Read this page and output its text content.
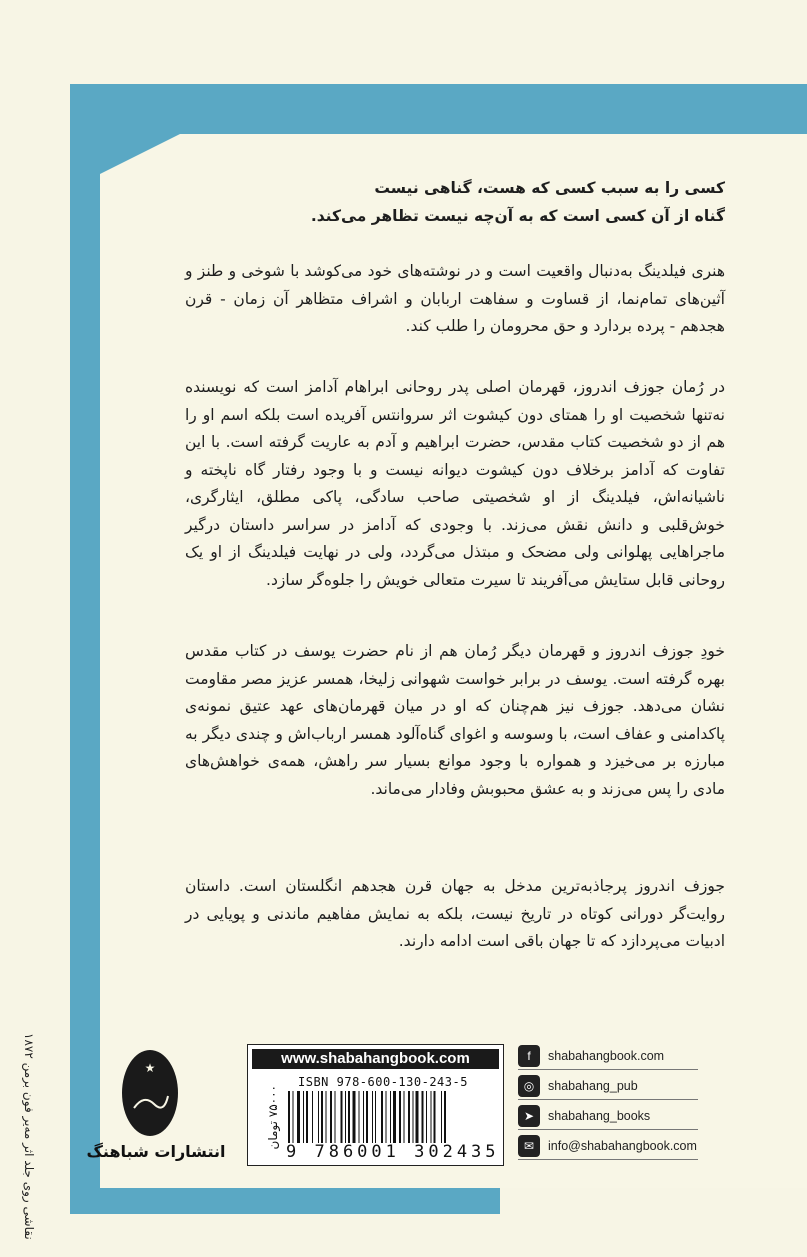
کسی را به سبب کسی که هست، گناهی نیست
گناه از آن کسی است که به آن‌چه نیست تظاهر می‌کند.
هنری فیلدینگ به‌دنبال واقعیت است و در نوشته‌های خود می‌کوشد با شوخی و طنز و آثین‌های تمام‌نما، از قساوت و سفاهت اربابان و اشراف متظاهر آن زمان - قرن هجدهم - پرده بردارد و حق محرومان را طلب کند.
در رُمان جوزف اندروز، قهرمان اصلی پدر روحانی ابراهام آدامز است که نویسنده نه‌تنها شخصیت او را همتای دون کیشوت اثر سروانتس آفریده است بلکه اسم او را هم از دو شخصیت کتاب مقدس، حضرت ابراهیم و آدم به عاریت گرفته است. با این تفاوت که آدامز برخلاف دون کیشوت دیوانه نیست و با وجود رفتار گاه ناپخته و ناشیانه‌اش، فیلدینگ از او شخصیتی صاحب سادگی، پاکی مطلق، ایثارگری، خوش‌قلبی و دانش نقش می‌زند. با وجودی که آدامز در سراسر داستان درگیر ماجراهایی پهلوانی ولی مضحک و مبتذل می‌گردد، ولی در نهایت فیلدینگ از او یک روحانی قابل ستایش می‌آفریند تا سیرت متعالی خویش را جلوه‌گر سازد.
خودِ جوزف اندروز و قهرمان دیگر رُمان هم از نام حضرت یوسف در کتاب مقدس بهره گرفته است. یوسف در برابر خواست شهوانی زلیخا، همسر عزیز مصر مقاومت نشان می‌دهد. جوزف نیز هم‌چنان که او در میان قهرمان‌های عهد عتیق نمونه‌ی پاکدامنی و عفاف است، با وسوسه و اغوای گناه‌آلود همسر ارباب‌اش و چندی دیگر به مبارزه بر می‌خیزد و همواره با وجود موانع بسیار سر راهش، همه‌ی خواهش‌های مادی را پس می‌زند و به عشق محبوبش وفادار می‌ماند.
جوزف اندروز پرجاذبه‌ترین مدخل به جهان قرن هجدهم انگلستان است. داستان روایت‌گر دورانی کوتاه در تاریخ نیست، بلکه به نمایش مفاهیم ماندنی و پویایی در ادبیات می‌پردازد که تا جهان باقی است ادامه دارند.
f	shabahangbook.com
◎	shabahang_pub
➤	shabahang_books
✉	info@shabahangbook.com
www.shabahangbook.com
ISBN 978-600-130-243-5
۷۵۰۰۰ تومان
9 786001 302435
★
انتشارات شباهنگ
نقاشی روی جلد اثر مه‌یر فون برمن ۱۸۷۲
